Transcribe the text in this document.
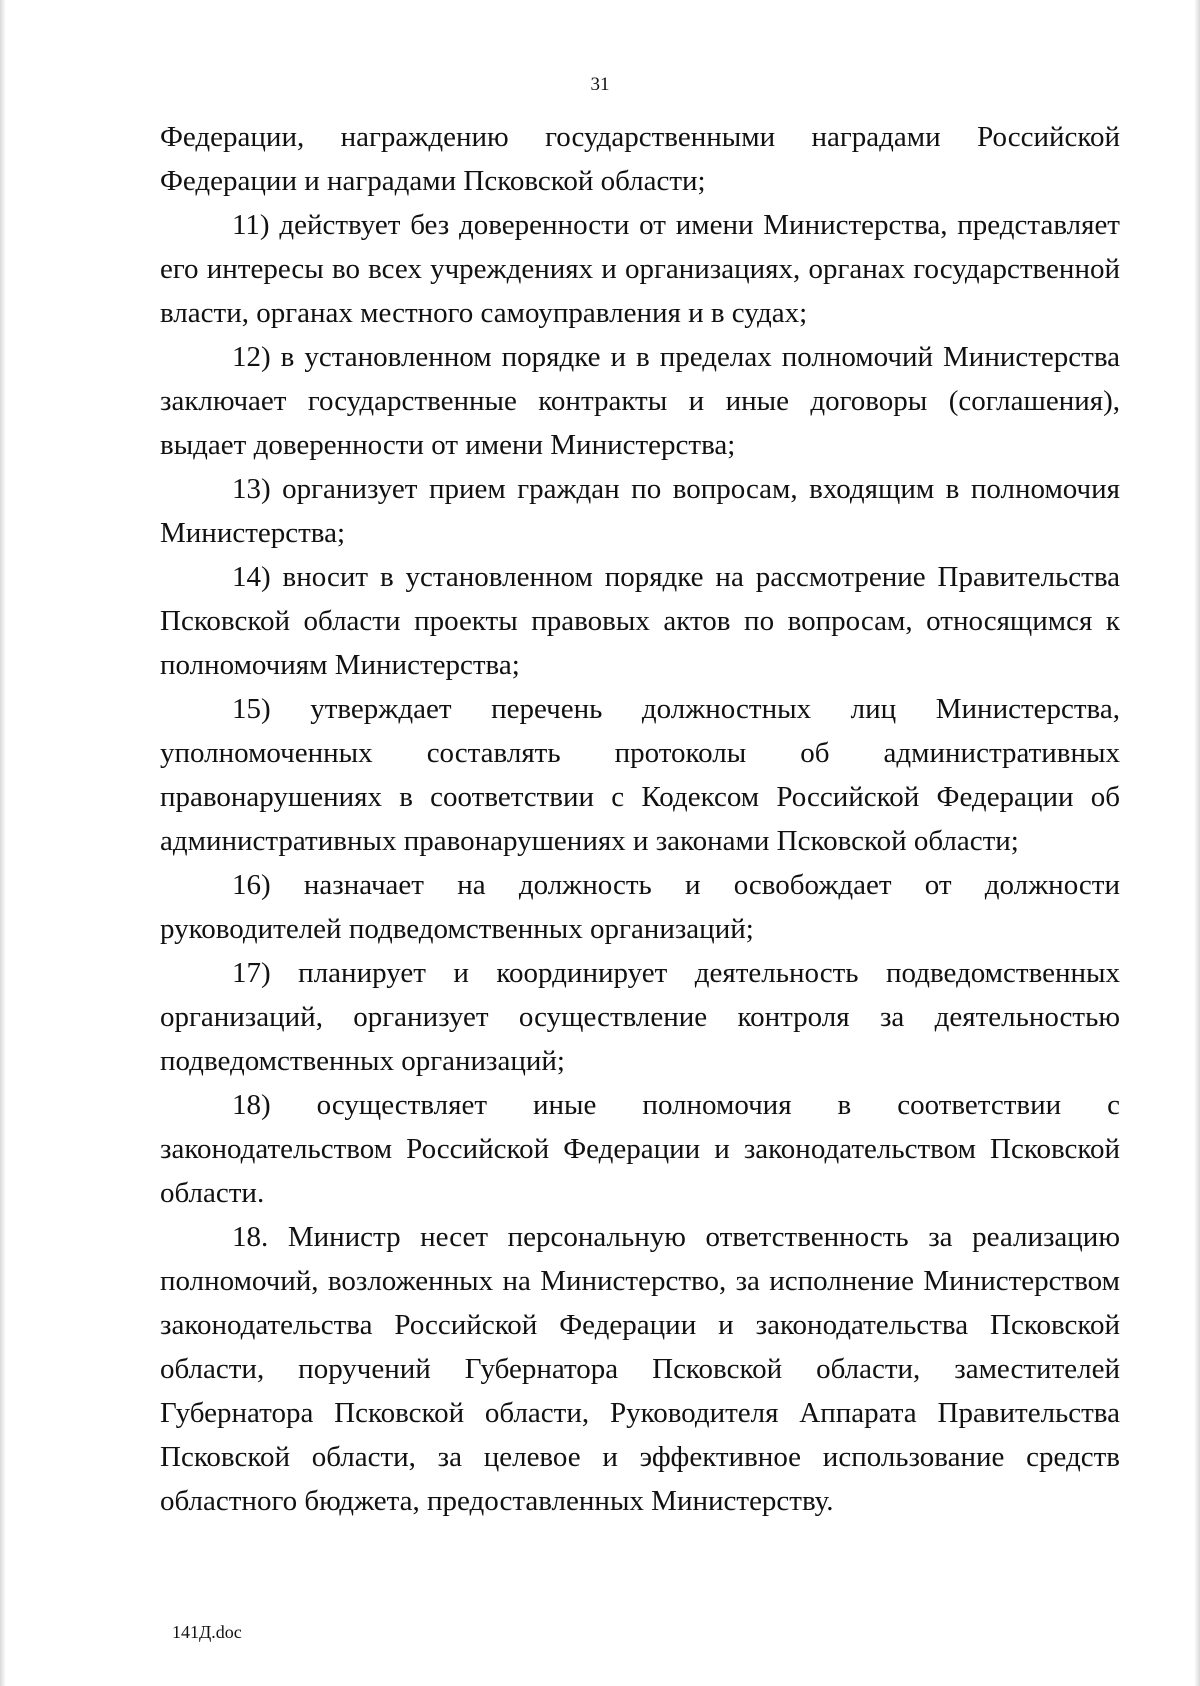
31

Федерации, награждению государственными наградами Российской Федерации и наградами Псковской области;

11) действует без доверенности от имени Министерства, представляет его интересы во всех учреждениях и организациях, органах государственной власти, органах местного самоуправления и в судах;

12) в установленном порядке и в пределах полномочий Министерства заключает государственные контракты и иные договоры (соглашения), выдает доверенности от имени Министерства;

13) организует прием граждан по вопросам, входящим в полномочия Министерства;

14) вносит в установленном порядке на рассмотрение Правительства Псковской области проекты правовых актов по вопросам, относящимся к полномочиям Министерства;

15) утверждает перечень должностных лиц Министерства, уполномоченных составлять протоколы об административных правонарушениях в соответствии с Кодексом Российской Федерации об административных правонарушениях и законами Псковской области;

16) назначает на должность и освобождает от должности руководителей подведомственных организаций;

17) планирует и координирует деятельность подведомственных организаций, организует осуществление контроля за деятельностью подведомственных организаций;

18) осуществляет иные полномочия в соответствии с законодательством Российской Федерации и законодательством Псковской области.

18. Министр несет персональную ответственность за реализацию полномочий, возложенных на Министерство, за исполнение Министерством законодательства Российской Федерации и законодательства Псковской области, поручений Губернатора Псковской области, заместителей Губернатора Псковской области, Руководителя Аппарата Правительства Псковской области, за целевое и эффективное использование средств областного бюджета, предоставленных Министерству.

141Д.doc
